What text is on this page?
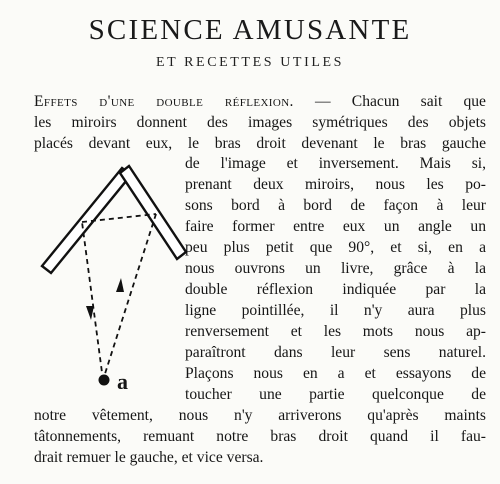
SCIENCE AMUSANTE
ET RECETTES UTILES
Effets d'une double réflexion. — Chacun sait que
les miroirs donnent des images symétriques des objets
placés devant eux, le bras droit devenant le bras gauche
de l'image et inversement. Mais si,
prenant deux miroirs, nous les po-
sons bord à bord de façon à leur
faire former entre eux un angle un
peu plus petit que 90°, et si, en a
nous ouvrons un livre, grâce à la
double réflexion indiquée par la
ligne pointillée, il n'y aura plus
renversement et les mots nous ap-
paraîtront dans leur sens naturel.
Plaçons nous en a et essayons de
toucher une partie quelconque de
notre vêtement, nous n'y arriverons qu'après maints
tâtonnements, remuant notre bras droit quand il fau-
drait remuer le gauche, et vice versa.
a
